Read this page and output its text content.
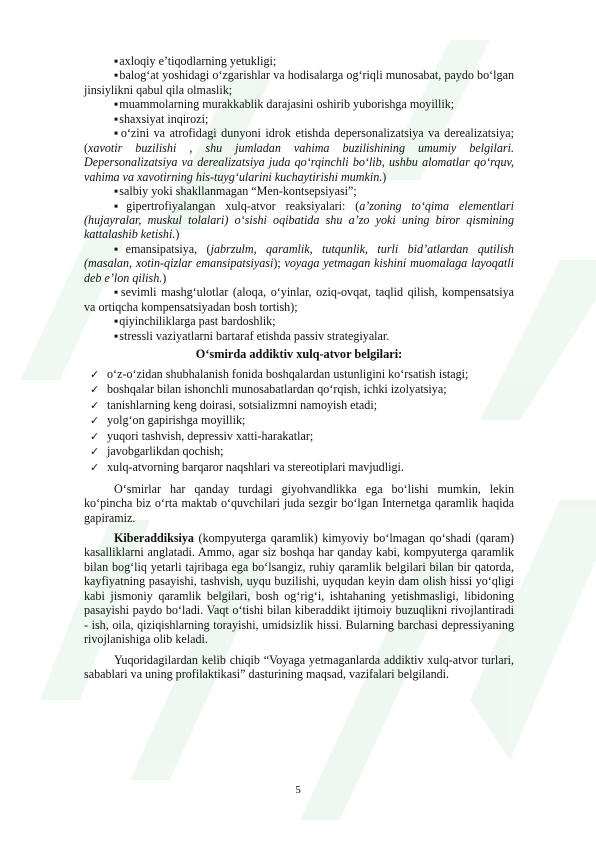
▪ axloqiy e’tiqodlarning yetukligi;

▪ balog‘at yoshidagi o‘zgarishlar va hodisalarga og‘riqli munosabat, paydo bo‘lgan jinsiylikni qabul qila olmaslik;

▪ muammolarning murakkablik darajasini oshirib yuborishga moyillik;

▪ shaxsiyat inqirozi;

▪ o‘zini va atrofidagi dunyoni idrok etishda depersonalizatsiya va derealizatsiya; (xavotir buzilishi , shu jumladan vahima buzilishining umumiy belgilari. Depersonalizatsiya va derealizatsiya juda qo‘rqinchli bo‘lib, ushbu alomatlar qo‘rquv, vahima va xavotirning his-tuyg‘ularini kuchaytirishi mumkin.)

▪ salbiy yoki shakllanmagan “Men-kontsepsiyasi”;

▪ gipertrofiyalangan xulq-atvor reaksiyalari: (a’zoning to‘qima elementlari (hujayralar, muskul tolalari) o‘sishi oqibatida shu a’zo yoki uning biror qismining kattalashib ketishi.)

▪ emansipatsiya, (jabrzulm, qaramlik, tutqunlik, turli bid’atlardan qutilish (masalan, xotin-qizlar emansipatsiyasi); voyaga yetmagan kishini muomalaga layoqatli deb e’lon qilish.)

▪ sevimli mashg‘ulotlar (aloqa, o‘yinlar, oziq-ovqat, taqlid qilish, kompensatsiya va ortiqcha kompensatsiyadan bosh tortish);

▪ qiyinchiliklarga past bardoshlik;

▪ stressli vaziyatlarni bartaraf etishda passiv strategiyalar.

O‘smirda addiktiv xulq-atvor belgilari:

✓ o‘z-o‘zidan shubhalanish fonida boshqalardan ustunligini ko‘rsatish istagi;
✓ boshqalar bilan ishonchli munosabatlardan qo‘rqish, ichki izolyatsiya;
✓ tanishlarning keng doirasi, sotsializmni namoyish etadi;
✓ yolg‘on gapirishga moyillik;
✓ yuqori tashvish, depressiv xatti-harakatlar;
✓ javobgarlikdan qochish;
✓ xulq-atvorning barqaror naqshlari va stereotiplari mavjudligi.

O‘smirlar har qanday turdagi giyohvandlikka ega bo‘lishi mumkin, lekin ko‘pincha biz o‘rta maktab o‘quvchilari juda sezgir bo‘lgan Internetga qaramlik haqida gapiramiz.

Kiberaddiksiya (kompyuterga qaramlik) kimyoviy bo‘lmagan qo‘shadi (qaram) kasalliklarni anglatadi. Ammo, agar siz boshqa har qanday kabi, kompyuterga qaramlik bilan bog‘liq yetarli tajribaga ega bo‘lsangiz, ruhiy qaramlik belgilari bilan bir qatorda, kayfiyatning pasayishi, tashvish, uyqu buzilishi, uyqudan keyin dam olish hissi yo‘qligi kabi jismoniy qaramlik belgilari, bosh og‘rig‘i, ishtahaning yetishmasligi, libidoning pasayishi paydo bo‘ladi. Vaqt o‘tishi bilan kiberaddikt ijtimoiy buzuqlikni rivojlantiradi - ish, oila, qiziqishlarning torayishi, umidsizlik hissi. Bularning barchasi depressiyaning rivojlanishiga olib keladi.

Yuqoridagilardan kelib chiqib “Voyaga yetmaganlarda addiktiv xulq-atvor turlari, sabablari va uning profilaktikasi” dasturining maqsad, vazifalari belgilandi.

5
